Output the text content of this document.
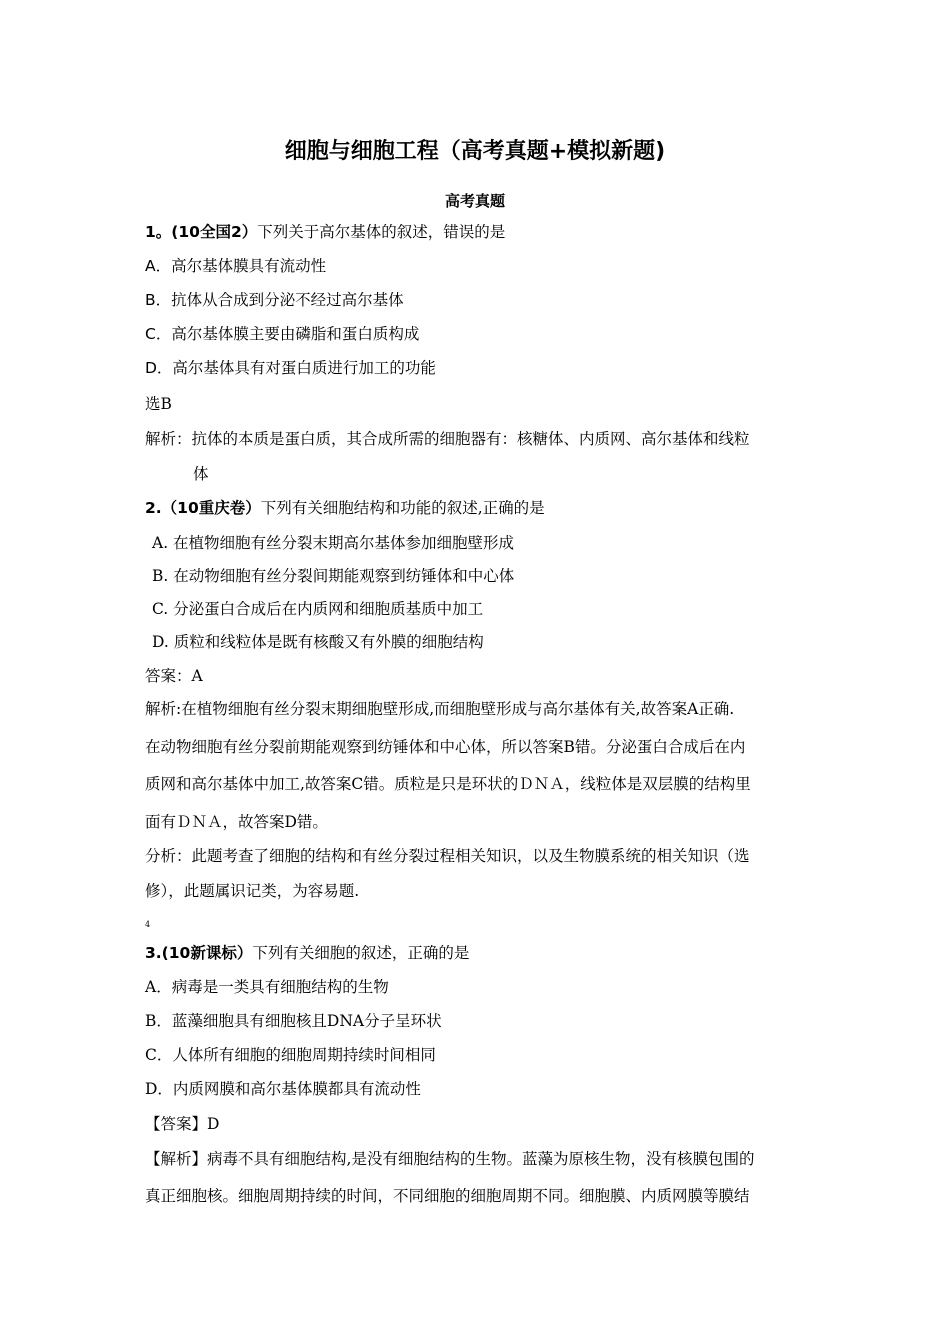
细胞与细胞工程（高考真题+模拟新题)
高考真题
1。(10全国2）下列关于高尔基体的叙述，错误的是
A．高尔基体膜具有流动性
B．抗体从合成到分泌不经过高尔基体
C．高尔基体膜主要由磷脂和蛋白质构成
D．高尔基体具有对蛋白质进行加工的功能
选B
解析：抗体的本质是蛋白质，其合成所需的细胞器有：核糖体、内质网、高尔基体和线粒
体
2.（10重庆卷）下列有关细胞结构和功能的叙述,正确的是
A. 在植物细胞有丝分裂末期高尔基体参加细胞壁形成
B. 在动物细胞有丝分裂间期能观察到纺锤体和中心体
C. 分泌蛋白合成后在内质网和细胞质基质中加工
D. 质粒和线粒体是既有核酸又有外膜的细胞结构
答案：A
解析:在植物细胞有丝分裂末期细胞壁形成,而细胞壁形成与高尔基体有关,故答案A正确.
在动物细胞有丝分裂前期能观察到纺锤体和中心体，所以答案B错。分泌蛋白合成后在内
质网和高尔基体中加工,故答案C错。质粒是只是环状的ＤＮＡ，线粒体是双层膜的结构里
面有ＤＮＡ，故答案D错。
分析：此题考查了细胞的结构和有丝分裂过程相关知识，以及生物膜系统的相关知识（选
修），此题属识记类，为容易题.
4
3.(10新课标）下列有关细胞的叙述，正确的是
A．病毒是一类具有细胞结构的生物
B．蓝藻细胞具有细胞核且DNA分子呈环状
C．人体所有细胞的细胞周期持续时间相同
D．内质网膜和高尔基体膜都具有流动性
【答案】D
【解析】病毒不具有细胞结构,是没有细胞结构的生物。蓝藻为原核生物，没有核膜包围的
真正细胞核。细胞周期持续的时间，不同细胞的细胞周期不同。细胞膜、内质网膜等膜结
